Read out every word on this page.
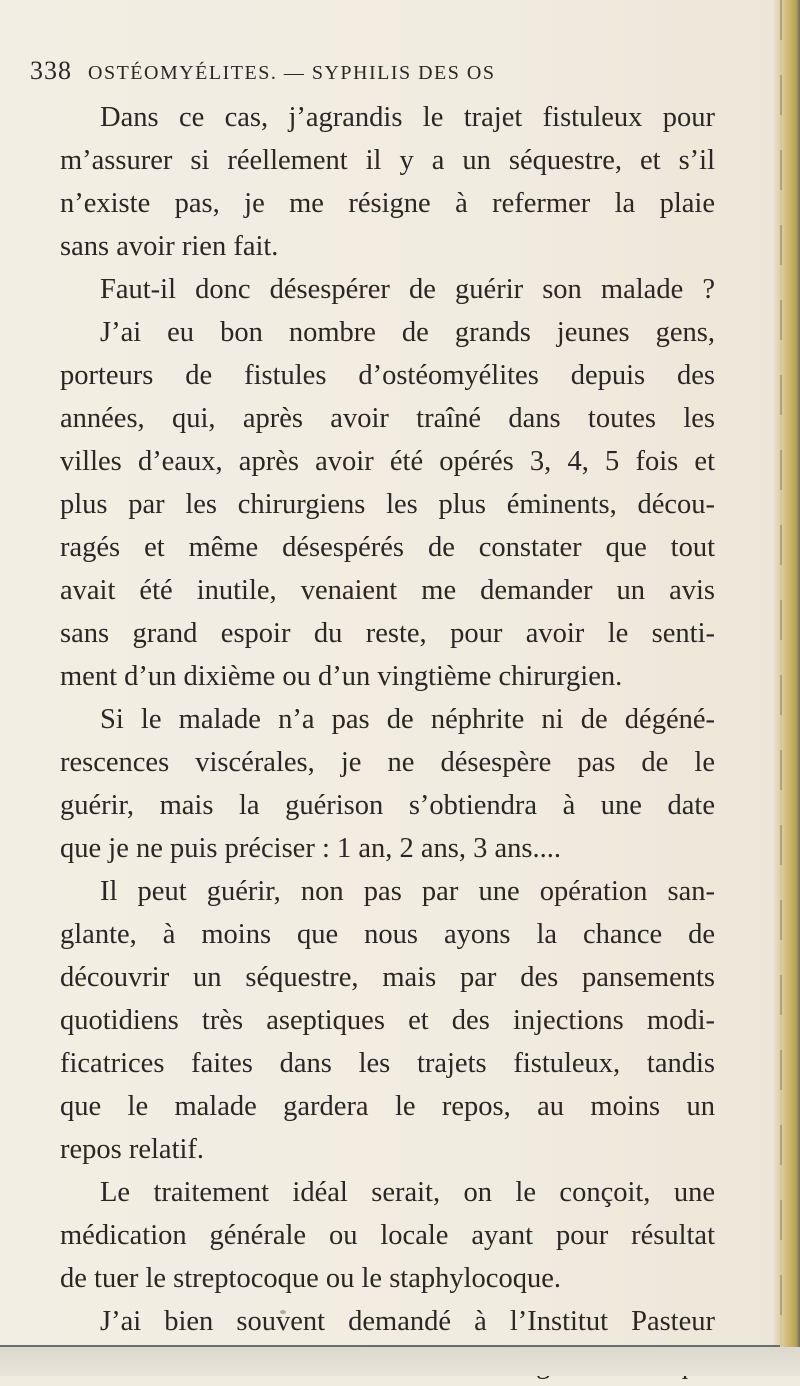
338 OSTÉOMYÉLITES. — SYPHILIS DES OS
Dans ce cas, j’agrandis le trajet fistuleux pour
m’assurer si réellement il y a un séquestre, et s’il
n’existe pas, je me résigne à refermer la plaie
sans avoir rien fait.
Faut-il donc désespérer de guérir son malade ?
J’ai eu bon nombre de grands jeunes gens,
porteurs de fistules d’ostéomyélites depuis des
années, qui, après avoir traîné dans toutes les
villes d’eaux, après avoir été opérés 3, 4, 5 fois et
plus par les chirurgiens les plus éminents, décou-
ragés et même désespérés de constater que tout
avait été inutile, venaient me demander un avis
sans grand espoir du reste, pour avoir le senti-
ment d’un dixième ou d’un vingtième chirurgien.
Si le malade n’a pas de néphrite ni de dégéné-
rescences viscérales, je ne désespère pas de le
guérir, mais la guérison s’obtiendra à une date
que je ne puis préciser : 1 an, 2 ans, 3 ans....
Il peut guérir, non pas par une opération san-
glante, à moins que nous ayons la chance de
découvrir un séquestre, mais par des pansements
quotidiens très aseptiques et des injections modi-
ficatrices faites dans les trajets fistuleux, tandis
que le malade gardera le repos, au moins un
repos relatif.
Le traitement idéal serait, on le conçoit, une
médication générale ou locale ayant pour résultat
de tuer le streptocoque ou le staphylocoque.
J’ai bien souvent demandé à l’Institut Pasteur
